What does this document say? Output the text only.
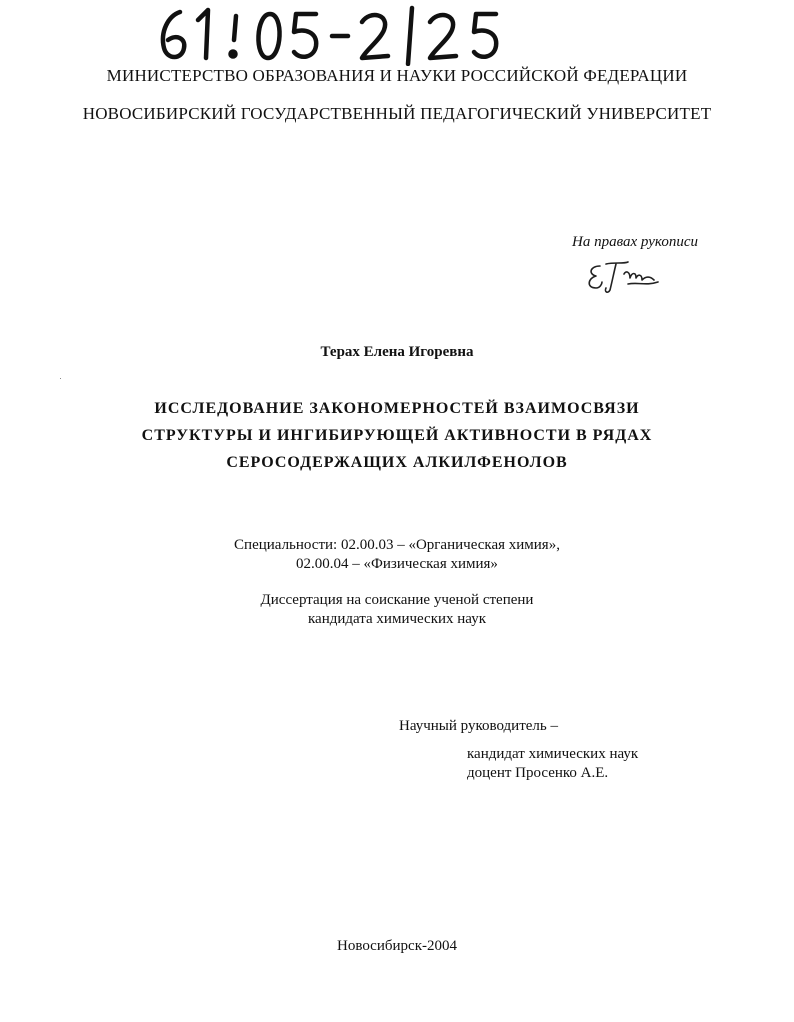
МИНИСТЕРСТВО ОБРАЗОВАНИЯ И НАУКИ РОССИЙСКОЙ ФЕДЕРАЦИИ
НОВОСИБИРСКИЙ ГОСУДАРСТВЕННЫЙ ПЕДАГОГИЧЕСКИЙ УНИВЕРСИТЕТ
На правах рукописи
Терах Елена Игоревна
ИССЛЕДОВАНИЕ ЗАКОНОМЕРНОСТЕЙ ВЗАИМОСВЯЗИ
СТРУКТУРЫ И ИНГИБИРУЮЩЕЙ АКТИВНОСТИ В РЯДАХ
СЕРОСОДЕРЖАЩИХ АЛКИЛФЕНОЛОВ
Специальности: 02.00.03 – «Органическая химия»,
02.00.04 – «Физическая химия»
Диссертация на соискание ученой степени
кандидата химических наук
Научный руководитель –
кандидат химических наук
доцент Просенко А.Е.
Новосибирск-2004
